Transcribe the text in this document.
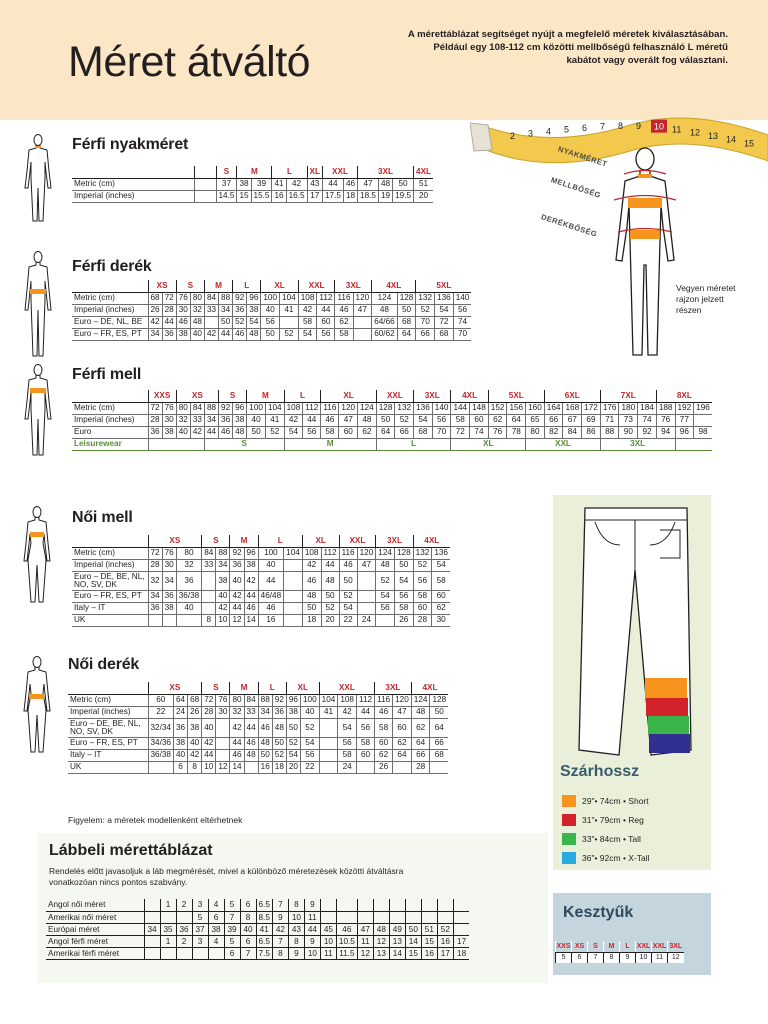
Méret átváltó
A mérettáblázat segítséget nyújt a megfelelő méretek kiválasztásában. Például egy 108-112 cm közötti mellbőségű felhasználó L méretű kabátot vagy overált fog választani.
2 3 4 5 6 7 8 9 10 11 12 13 14 15
NYAKMÉRET
MELLBŐSÉG
DERÉKBŐSÉG
Vegyen méretet rajzon jelzett részen
Férfi nyakméret
Férfi derék
Férfi mell
Női mell
Női derék
		S	M		L		XL	XXL		3XL			4XL
Metric (cm)		37	38	39	41	42	43	44	46	47	48	50	51
Imperial (inches)		14.5	15	15.5	16	16.5	17	17.5	18	18.5	19	19.5	20
	XS		S		M		L		XL		XXL		3XL		4XL		5XL		
Metric (cm)	68	72	76	80	84	88	92	96	100	104	108	112	116	120	124	128	132	136	140
Imperial (inches)	26	28	30	32	33	34	36	38	40	41	42	44	46	47	48	50	52	54	56
Euro – DE, NL, BE	42	44	46	48		50	52	54	56		58	60	62		64/66	68	70	72	74
Euro – FR, ES, PT	34	36	38	40	42	44	46	48	50	52	54	56	58		60/62	64	66	68	70
	XXS		XS			S		M		L		XL			XXL		3XL		4XL		5XL			6XL			7XL			8XL		
Metric (cm)	72	76	80	84	88	92	96	100	104	108	112	116	120	124	128	132	136	140	144	148	152	156	160	164	168	172	176	180	184	188	192	196
Imperial (inches)	28	30	32	33	34	36	38	40	41	42	44	46	47	48	50	52	54	56	58	60	62	64	65	66	67	69	71	73	74	76	77	
Euro	36	38	40	42	44	46	48	50	52	54	56	58	60	62	64	66	68	70	72	74	76	78	80	82	84	86	88	90	92	94	96	98
Leisurewear					S					M					L				XL				XXL				3XL					
	XS			S		M		L		XL		XXL		3XL		4XL	
Metric (cm)	72	76	80	84	88	92	96	100	104	108	112	116	120	124	128	132	136
Imperial (inches)	28	30	32	33	34	36	38	40		42	44	46	47	48	50	52	54
Euro – DE, BE, NL, NO, SV, DK	32	34	36		38	40	42	44		46	48	50		52	54	56	58
Euro – FR, ES, PT	34	36	36/38		40	42	44	46/48		48	50	52		54	56	58	60
Italy – IT	36	38	40		42	44	46	46		50	52	54		56	58	60	62
UK				8	10	12	14	16		18	20	22	24		26	28	30
	XS			S		M		L		XL		XXL			3XL		4XL	
Metric (cm)	60	64	68	72	76	80	84	88	92	96	100	104	108	112	116	120	124	128
Imperial (inches)	22	24	26	28	30	32	33	34	36	38	40	41	42	44	46	47	48	50
Euro – DE, BE, NL, NO, SV, DK	32/34	36	38	40		42	44	46	48	50	52		54	56	58	60	62	64
Euro – FR, ES, PT	34/36	38	40	42		44	46	48	50	52	54		56	58	60	62	64	66
Italy – IT	36/38	40	42	44		46	48	50	52	54	56		58	60	62	64	66	68
UK		6	8	10	12	14		16	18	20	22		24		26		28	
Figyelem: a méretek modellenként eltérhetnek
Lábbeli mérettáblázat
Rendelés előtt javasoljuk a láb megmérését, mivel a különböző méretezések közötti átváltásra vonatkozóan nincs pontos szabvány.
Angol női méret		1	2	3	4	5	6	6.5	7	8	9									
Amerikai női méret				5	6	7	8	8.5	9	10	11									
Európai méret	34	35	36	37	38	39	40	41	42	43	44	45	46	47	48	49	50	51	52	
Angol férfi méret		1	2	3	4	5	6	6.5	7	8	9	10	10.5	11	12	13	14	15	16	17
Amerikai férfi méret						6	7	7.5	8	9	10	11	11.5	12	13	14	15	16	17	18
Szárhossz
29"• 74cm • Short
31"• 79cm • Reg
33"• 84cm • Tall
36"• 92cm • X-Tall
Kesztyűk
XXS	XS	S	M	L	XXL	XXL	3XL
5	6	7	8	9	10	11	12
